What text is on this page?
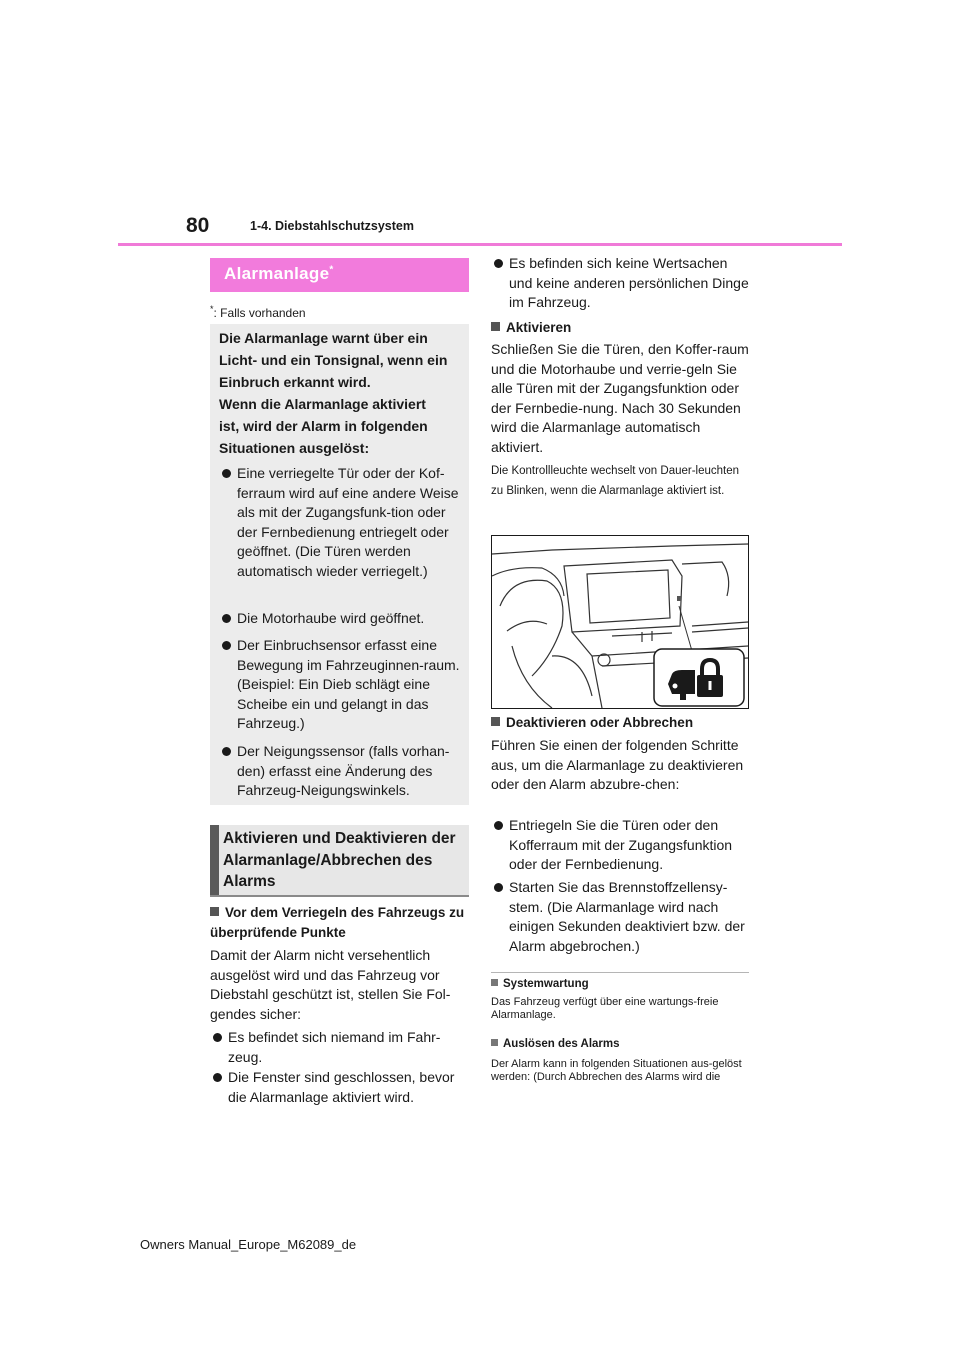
80	1-4. Diebstahlschutzsystem
Alarmanlage*
*: Falls vorhanden
Die Alarmanlage warnt über ein
Licht- und ein Tonsignal, wenn ein
Einbruch erkannt wird.
Wenn die Alarmanlage aktiviert
ist, wird der Alarm in folgenden
Situationen ausgelöst:
Eine verriegelte Tür oder der Kof-ferraum wird auf eine andere Weise als mit der Zugangsfunk-tion oder der Fernbedienung entriegelt oder geöffnet. (Die Türen werden automatisch wieder verriegelt.)
Die Motorhaube wird geöffnet.
Der Einbruchsensor erfasst eine Bewegung im Fahrzeuginnen-raum. (Beispiel: Ein Dieb schlägt eine Scheibe ein und gelangt in das Fahrzeug.)
Der Neigungssensor (falls vorhan-den) erfasst eine Änderung des Fahrzeug-Neigungswinkels.
Aktivieren und Deaktivieren der Alarmanlage/Abbrechen des Alarms
Vor dem Verriegeln des Fahrzeugs zu überprüfende Punkte
Damit der Alarm nicht versehentlich ausgelöst wird und das Fahrzeug vor Diebstahl geschützt ist, stellen Sie Fol-gendes sicher:
Es befindet sich niemand im Fahr-zeug.
Die Fenster sind geschlossen, bevor die Alarmanlage aktiviert wird.
Es befinden sich keine Wertsachen und keine anderen persönlichen Dinge im Fahrzeug.
Aktivieren
Schließen Sie die Türen, den Koffer-raum und die Motorhaube und verrie-geln Sie alle Türen mit der Zugangsfunktion oder der Fernbedie-nung. Nach 30 Sekunden wird die Alarmanlage automatisch aktiviert.
Die Kontrollleuchte wechselt von Dauer-leuchten zu Blinken, wenn die Alarmanlage aktiviert ist.
Deaktivieren oder Abbrechen
Führen Sie einen der folgenden Schritte aus, um die Alarmanlage zu deaktivieren oder den Alarm abzubre-chen:
Entriegeln Sie die Türen oder den Kofferraum mit der Zugangsfunktion oder der Fernbedienung.
Starten Sie das Brennstoffzellensy-stem. (Die Alarmanlage wird nach einigen Sekunden deaktiviert bzw. der Alarm abgebrochen.)
Systemwartung
Das Fahrzeug verfügt über eine wartungs-freie Alarmanlage.
Auslösen des Alarms
Der Alarm kann in folgenden Situationen aus-gelöst werden: (Durch Abbrechen des Alarms wird die
Owners Manual_Europe_M62089_de
